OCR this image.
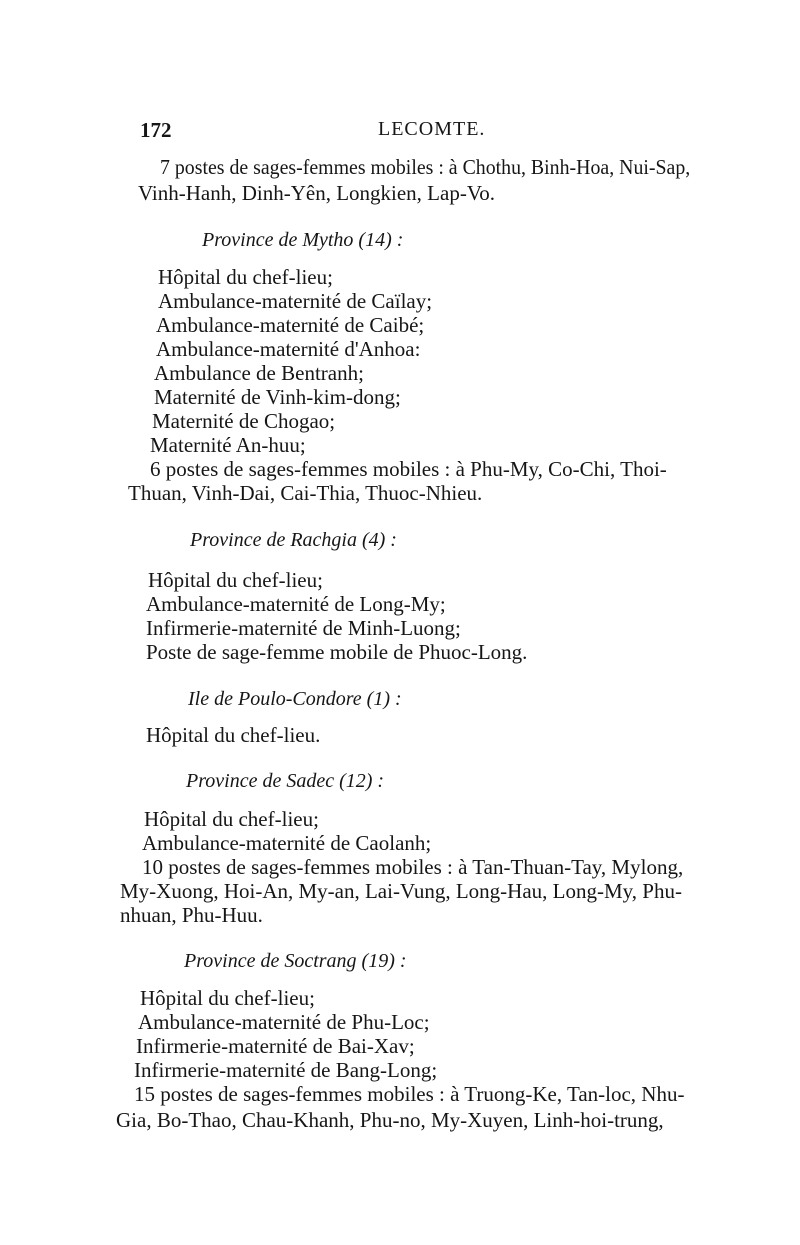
172	LECOMTE.
7 postes de sages-femmes mobiles : à Chothu, Binh-Hoa, Nui-Sap,
Vinh-Hanh, Dinh-Yên, Longkien, Lap-Vo.
Province de Mytho (14) :
Hôpital du chef-lieu;
Ambulance-maternité de Caïlay;
Ambulance-maternité de Caibé;
Ambulance-maternité d'Anhoa:
Ambulance de Bentranh;
Maternité de Vinh-kim-dong;
Maternité de Chogao;
Maternité An-huu;
6 postes de sages-femmes mobiles : à Phu-My, Co-Chi, Thoi-
Thuan, Vinh-Dai, Cai-Thia, Thuoc-Nhieu.
Province de Rachgia (4) :
Hôpital du chef-lieu;
Ambulance-maternité de Long-My;
Infirmerie-maternité de Minh-Luong;
Poste de sage-femme mobile de Phuoc-Long.
Ile de Poulo-Condore (1) :
Hôpital du chef-lieu.
Province de Sadec (12) :
Hôpital du chef-lieu;
Ambulance-maternité de Caolanh;
10 postes de sages-femmes mobiles : à Tan-Thuan-Tay, Mylong,
My-Xuong, Hoi-An, My-an, Lai-Vung, Long-Hau, Long-My, Phu-
nhuan, Phu-Huu.
Province de Soctrang (19) :
Hôpital du chef-lieu;
Ambulance-maternité de Phu-Loc;
Infirmerie-maternité de Bai-Xav;
Infirmerie-maternité de Bang-Long;
15 postes de sages-femmes mobiles : à Truong-Ke, Tan-loc, Nhu-
Gia, Bo-Thao, Chau-Khanh, Phu-no, My-Xuyen, Linh-hoi-trung,
